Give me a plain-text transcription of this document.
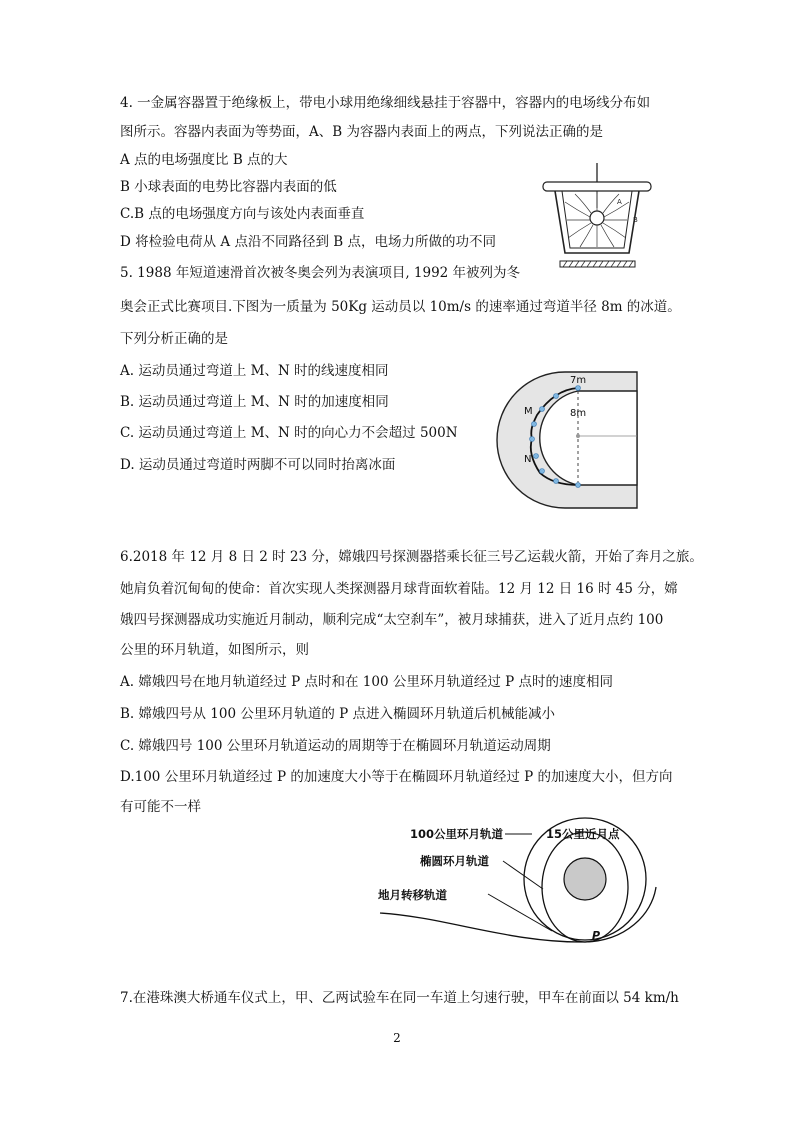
4. 一金属容器置于绝缘板上，带电小球用绝缘细线悬挂于容器中，容器内的电场线分布如
图所示。容器内表面为等势面，A、B 为容器内表面上的两点，下列说法正确的是
A 点的电场强度比 B 点的大
B 小球表面的电势比容器内表面的低
C.B 点的电场强度方向与该处内表面垂直
D 将检验电荷从 A 点沿不同路径到 B 点，电场力所做的功不同
A
B
5. 1988 年短道速滑首次被冬奥会列为表演项目, 1992 年被列为冬
奥会正式比赛项目.下图为一质量为 50Kg 运动员以 10m/s 的速率通过弯道半径 8m 的冰道。
下列分析正确的是
A. 运动员通过弯道上 M、N 时的线速度相同
B. 运动员通过弯道上 M、N 时的加速度相同
C. 运动员通过弯道上 M、N 时的向心力不会超过 500N
D. 运动员通过弯道时两脚不可以同时抬离冰面
7m
8m
M
N
6.2018 年 12 月 8 日 2 时 23 分，嫦娥四号探测器搭乘长征三号乙运载火箭，开始了奔月之旅。
她肩负着沉甸甸的使命：首次实现人类探测器月球背面软着陆。12 月 12 日 16 时 45 分，嫦
娥四号探测器成功实施近月制动，顺利完成“太空刹车”，被月球捕获，进入了近月点约 100
公里的环月轨道，如图所示，则
A. 嫦娥四号在地月轨道经过 P 点时和在 100 公里环月轨道经过 P 点时的速度相同
B. 嫦娥四号从 100 公里环月轨道的 P 点进入椭圆环月轨道后机械能减小
C. 嫦娥四号 100 公里环月轨道运动的周期等于在椭圆环月轨道运动周期
D.100 公里环月轨道经过 P 的加速度大小等于在椭圆环月轨道经过 P 的加速度大小，但方向
有可能不一样
100公里环月轨道	15公里近月点
椭圆环月轨道
地月转移轨道
P
7.在港珠澳大桥通车仪式上，甲、乙两试验车在同一车道上匀速行驶，甲车在前面以 54 km/h
2
